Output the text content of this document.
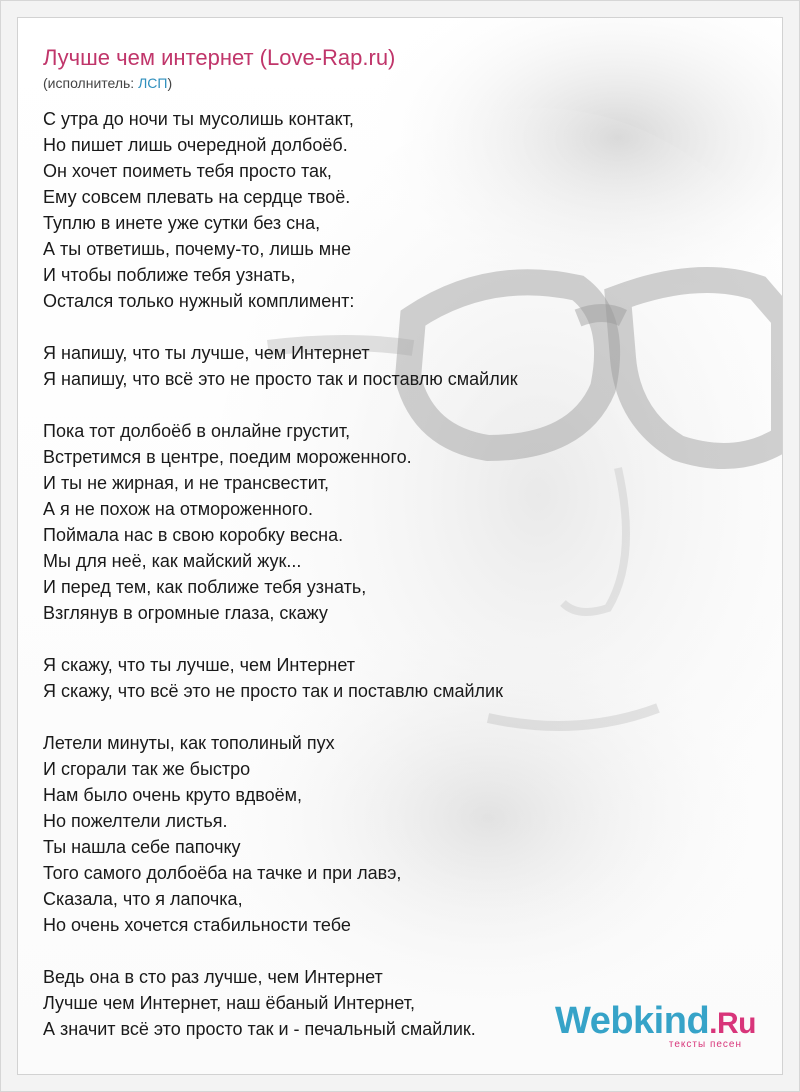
Лучше чем интернет (Love-Rap.ru)
(исполнитель: ЛСП)
С утра до ночи ты мусолишь контакт,
Но пишет лишь очередной долбоёб.
Он хочет поиметь тебя просто так,
Ему совсем плевать на сердце твоё.
Туплю в инете уже сутки без сна,
А ты ответишь, почему-то, лишь мне
И чтобы поближе тебя узнать,
Остался только нужный комплимент:
Я напишу, что ты лучше, чем Интернет
Я напишу, что всё это не просто так и поставлю смайлик
Пока тот долбоёб в онлайне грустит,
Встретимся в центре, поедим мороженного.
И ты не жирная, и не трансвестит,
А я не похож на отмороженного.
Поймала нас в свою коробку весна.
Мы для неё, как майский жук...
И перед тем, как поближе тебя узнать,
Взглянув в огромные глаза, скажу
Я скажу, что ты лучше, чем Интернет
Я скажу, что всё это не просто так и поставлю смайлик
Летели минуты, как тополиный пух
И сгорали так же быстро
Нам было очень круто вдвоём,
Но пожелтели листья.
Ты нашла себе папочку
Того самого долбоёба на тачке и при лавэ,
Сказала, что я лапочка,
Но очень хочется стабильности тебе
Ведь она в сто раз лучше, чем Интернет
Лучше чем Интернет, наш ёбаный Интернет,
А значит всё это просто так и - печальный смайлик.	Webkind.Ru
тексты песен
